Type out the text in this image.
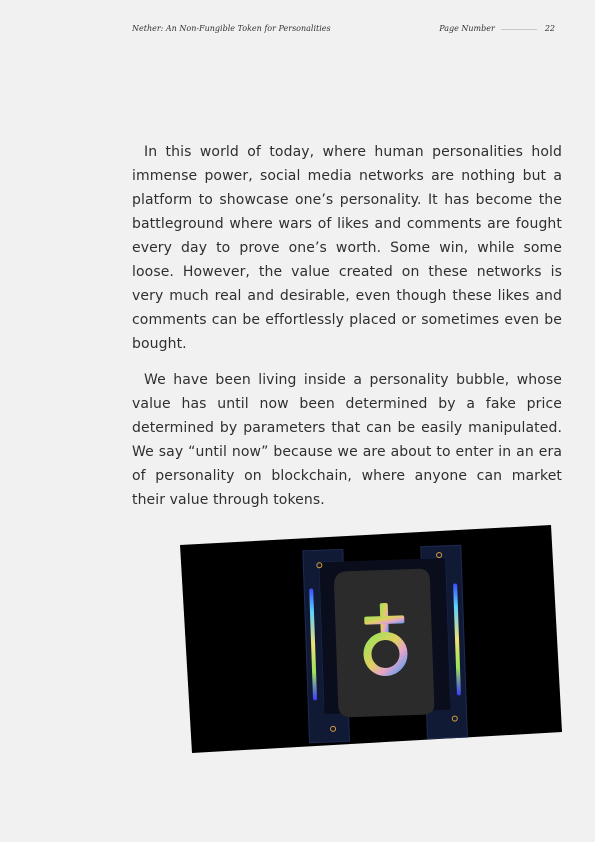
Nether: An Non-Fungible Token for Personalities	Page Number	22

In this world of today, where human personalities hold immense power, social media networks are nothing but a platform to showcase one’s personality. It has become the battleground where wars of likes and comments are fought every day to prove one’s worth. Some win, while some loose. However, the value created on these networks is very much real and desirable, even though these likes and comments can be effortlessly placed or sometimes even be bought.

We have been living inside a personality bubble, whose value has until now been determined by a fake price determined by parameters that can be easily manipulated. We say “until now” because we are about to enter in an era of personality on blockchain, where anyone can market their value through tokens.
